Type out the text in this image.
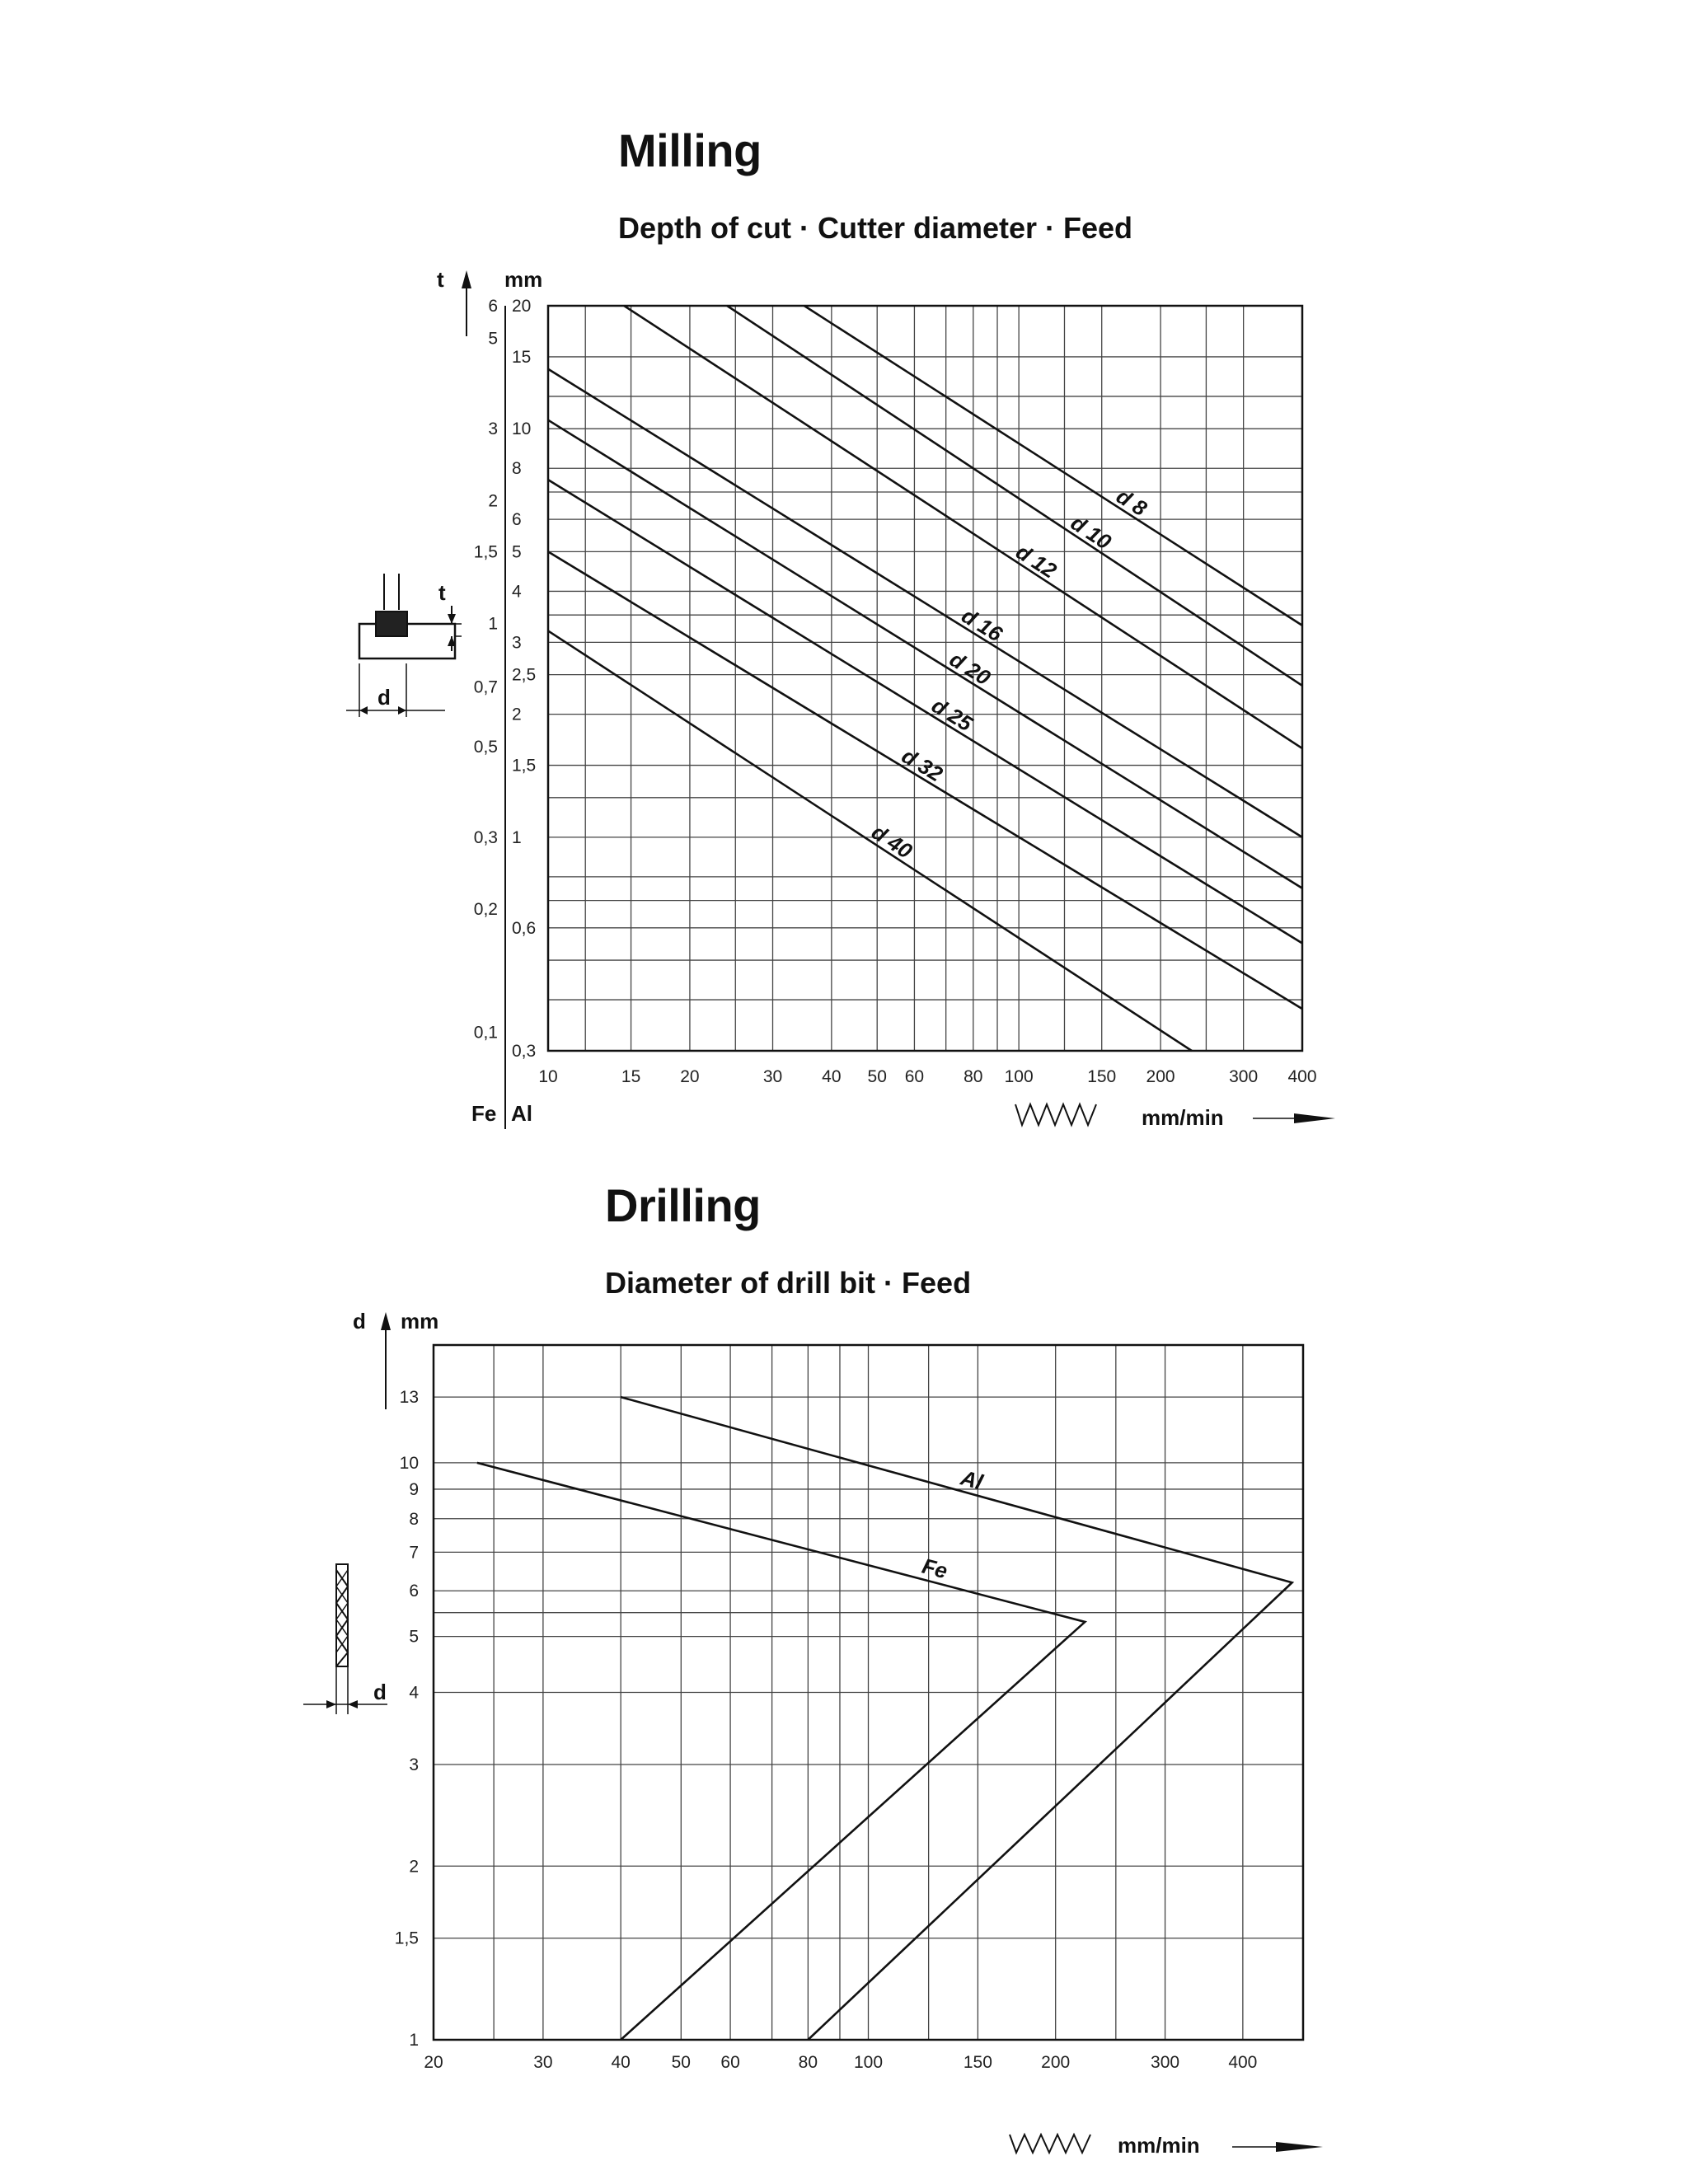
Milling
Depth of cut · Cutter diameter · Feed
Drilling
Diameter of drill bit · Feed
20
15
10
8
6
5
4
3
2,5
2
1,5
1
0,6
0,3
6
5
3
2
1,5
1
0,7
0,5
0,3
0,2
0,1
10	15 20	30 40 50 60 80 100	150 200	300 400
d 8
d 10
d 12
d 16
d 20
d 25
d 32
d 40
t	mm
Fe Al	mm/min
t
d
13
10
9
8
7
6
5
4
3
2
1,5
1
20	30	40 50 60	80 100	150	200	300	400
Al
Fe
d mm
mm/min
d
